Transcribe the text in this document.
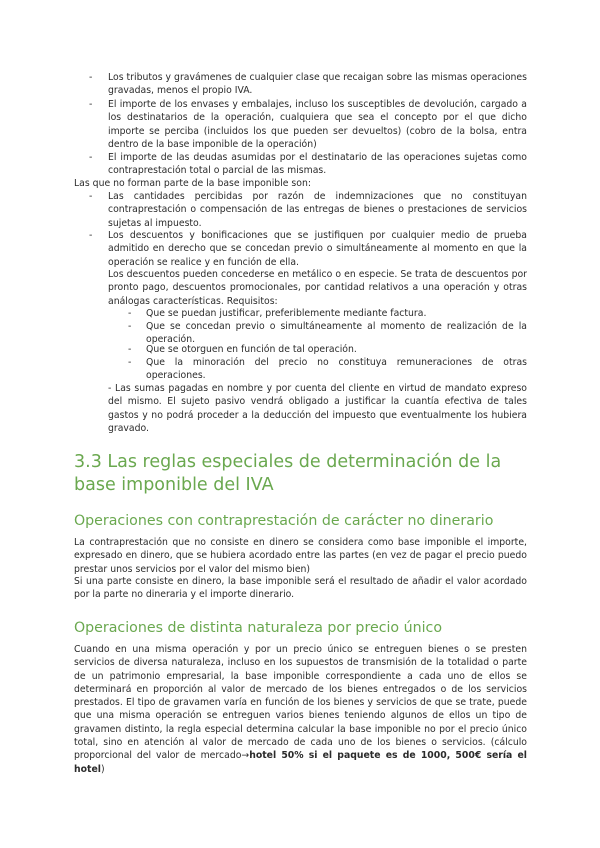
-	Los tributos y gravámenes de cualquier clase que recaigan sobre las mismas operaciones gravadas, menos el propio IVA.
-	El importe de los envases y embalajes, incluso los susceptibles de devolución, cargado a los destinatarios de la operación, cualquiera que sea el concepto por el que dicho importe se perciba (incluidos los que pueden ser devueltos) (cobro de la bolsa, entra dentro de la base imponible de la operación)
-	El importe de las deudas asumidas por el destinatario de las operaciones sujetas como contraprestación total o parcial de las mismas.
Las que no forman parte de la base imponible son:
-	Las cantidades percibidas por razón de indemnizaciones que no constituyan contraprestación o compensación de las entregas de bienes o prestaciones de servicios sujetas al impuesto.
-	Los descuentos y bonificaciones que se justifiquen por cualquier medio de prueba admitido en derecho que se concedan previo o simultáneamente al momento en que la operación se realice y en función de ella.
Los descuentos pueden concederse en metálico o en especie. Se trata de descuentos por pronto pago, descuentos promocionales, por cantidad relativos a una operación y otras análogas características. Requisitos:
-	Que se puedan justificar, preferiblemente mediante factura.
-	Que se concedan previo o simultáneamente al momento de realización de la operación.
-	Que se otorguen en función de tal operación.
-	Que la minoración del precio no constituya remuneraciones de otras operaciones.
- Las sumas pagadas en nombre y por cuenta del cliente en virtud de mandato expreso del mismo. El sujeto pasivo vendrá obligado a justificar la cuantía efectiva de tales gastos y no podrá proceder a la deducción del impuesto que eventualmente los hubiera gravado.
3.3 Las reglas especiales de determinación de la base imponible del IVA
Operaciones con contraprestación de carácter no dinerario
La contraprestación que no consiste en dinero se considera como base imponible el importe, expresado en dinero, que se hubiera acordado entre las partes (en vez de pagar el precio puedo prestar unos servicios por el valor del mismo bien)
Si una parte consiste en dinero, la base imponible será el resultado de añadir el valor acordado por la parte no dineraria y el importe dinerario.
Operaciones de distinta naturaleza por precio único
Cuando en una misma operación y por un precio único se entreguen bienes o se presten servicios de diversa naturaleza, incluso en los supuestos de transmisión de la totalidad o parte de un patrimonio empresarial, la base imponible correspondiente a cada uno de ellos se determinará en proporción al valor de mercado de los bienes entregados o de los servicios prestados. El tipo de gravamen varía en función de los bienes y servicios de que se trate, puede que una misma operación se entreguen varios bienes teniendo algunos de ellos un tipo de gravamen distinto, la regla especial determina calcular la base imponible no por el precio único total, sino en atención al valor de mercado de cada uno de los bienes o servicios. (cálculo proporcional del valor de mercado→hotel 50% si el paquete es de 1000, 500€ sería el hotel)
